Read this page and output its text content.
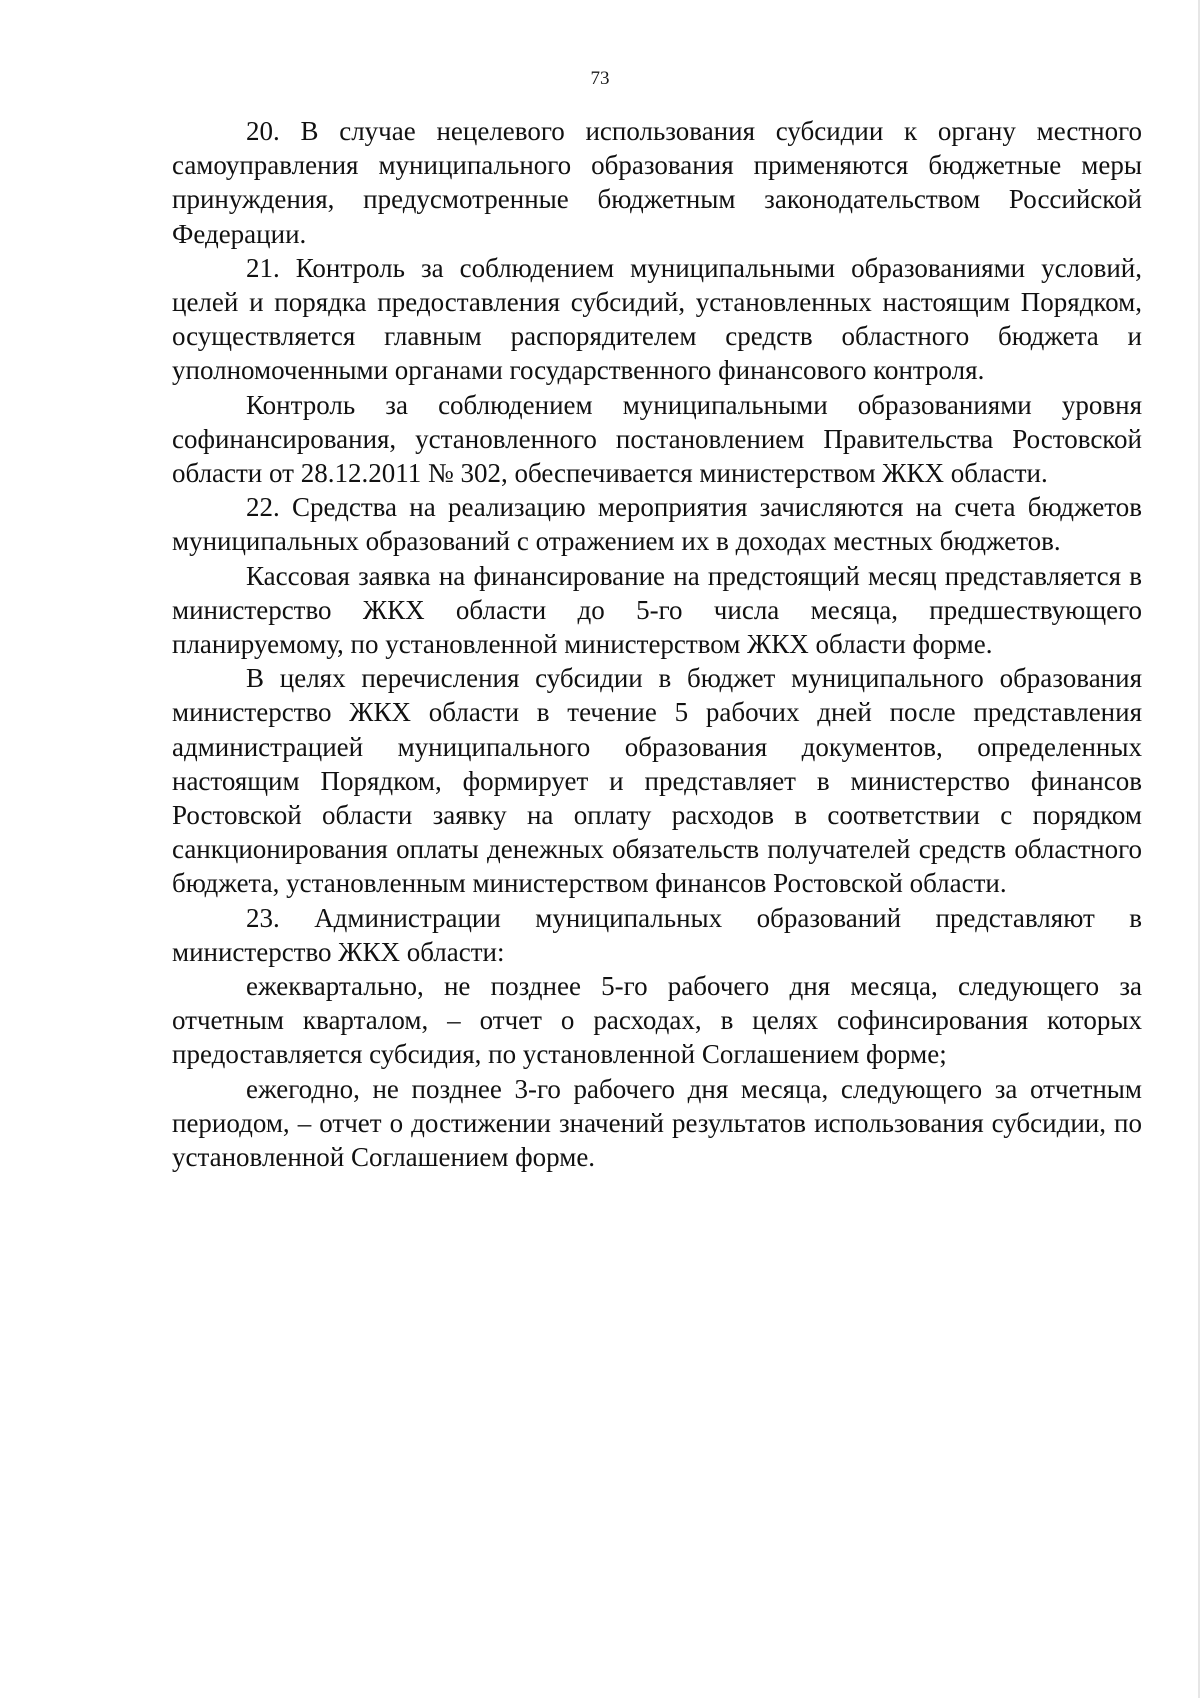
73

20. В случае нецелевого использования субсидии к органу местного самоуправления муниципального образования применяются бюджетные меры принуждения, предусмотренные бюджетным законодательством Российской Федерации.

21. Контроль за соблюдением муниципальными образованиями условий, целей и порядка предоставления субсидий, установленных настоящим Порядком, осуществляется главным распорядителем средств областного бюджета и уполномоченными органами государственного финансового контроля.

Контроль за соблюдением муниципальными образованиями уровня софинансирования, установленного постановлением Правительства Ростовской области от 28.12.2011 № 302, обеспечивается министерством ЖКХ области.

22. Средства на реализацию мероприятия зачисляются на счета бюджетов муниципальных образований с отражением их в доходах местных бюджетов.

Кассовая заявка на финансирование на предстоящий месяц представляется в министерство ЖКХ области до 5-го числа месяца, предшествующего планируемому, по установленной министерством ЖКХ области форме.

В целях перечисления субсидии в бюджет муниципального образования министерство ЖКХ области в течение 5 рабочих дней после представления администрацией муниципального образования документов, определенных настоящим Порядком, формирует и представляет в министерство финансов Ростовской области заявку на оплату расходов в соответствии с порядком санкционирования оплаты денежных обязательств получателей средств областного бюджета, установленным министерством финансов Ростовской области.

23. Администрации муниципальных образований представляют в министерство ЖКХ области:

ежеквартально, не позднее 5-го рабочего дня месяца, следующего за отчетным кварталом, – отчет о расходах, в целях софинсирования которых предоставляется субсидия, по установленной Соглашением форме;

ежегодно, не позднее 3-го рабочего дня месяца, следующего за отчетным периодом, – отчет о достижении значений результатов использования субсидии, по установленной Соглашением форме.
